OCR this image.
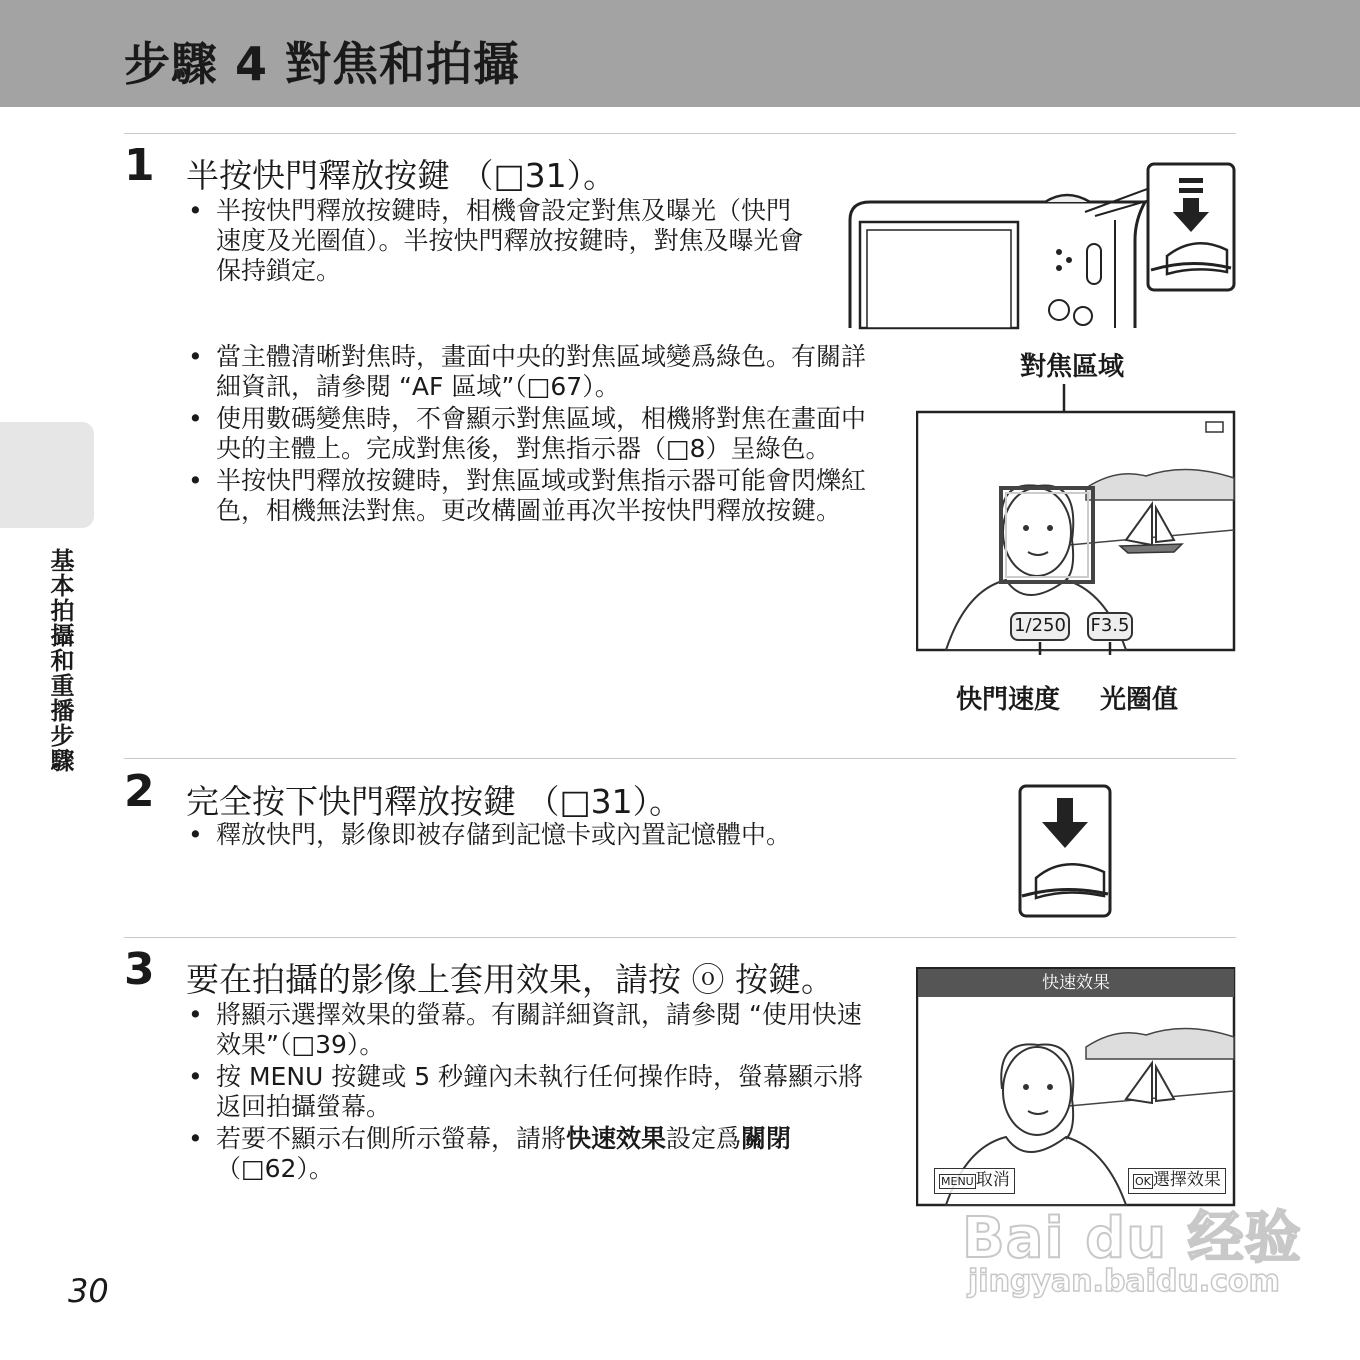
步驟 4 對焦和拍攝
基本拍攝和重播步驟
1 半按快門釋放按鍵 （□31）。
• 半按快門釋放按鍵時，相機會設定對焦及曝光（快門速度及光圈值）。半按快門釋放按鍵時，對焦及曝光會保持鎖定。
• 當主體清晰對焦時，畫面中央的對焦區域變爲綠色。有關詳細資訊，請參閱 “AF 區域”（□67）。
• 使用數碼變焦時，不會顯示對焦區域，相機將對焦在畫面中央的主體上。完成對焦後，對焦指示器（□8）呈綠色。
• 半按快門釋放按鍵時，對焦區域或對焦指示器可能會閃爍紅色，相機無法對焦。更改構圖並再次半按快門釋放按鍵。
對焦區域
1/250 F3.5
快門速度 光圈值
2 完全按下快門釋放按鍵 （□31）。
• 釋放快門，影像即被存儲到記憶卡或內置記憶體中。
3 要在拍攝的影像上套用效果，請按 ⓞ 按鍵。
• 將顯示選擇效果的螢幕。有關詳細資訊，請參閱 “使用快速效果”（□39）。
• 按 MENU 按鍵或 5 秒鐘內未執行任何操作時，螢幕顯示將返回拍攝螢幕。
• 若要不顯示右側所示螢幕，請將快速效果設定爲關閉（□62）。
快速效果
MENU 取消	OK 選擇效果
30
Bai du 经验
jingyan.baidu.com
